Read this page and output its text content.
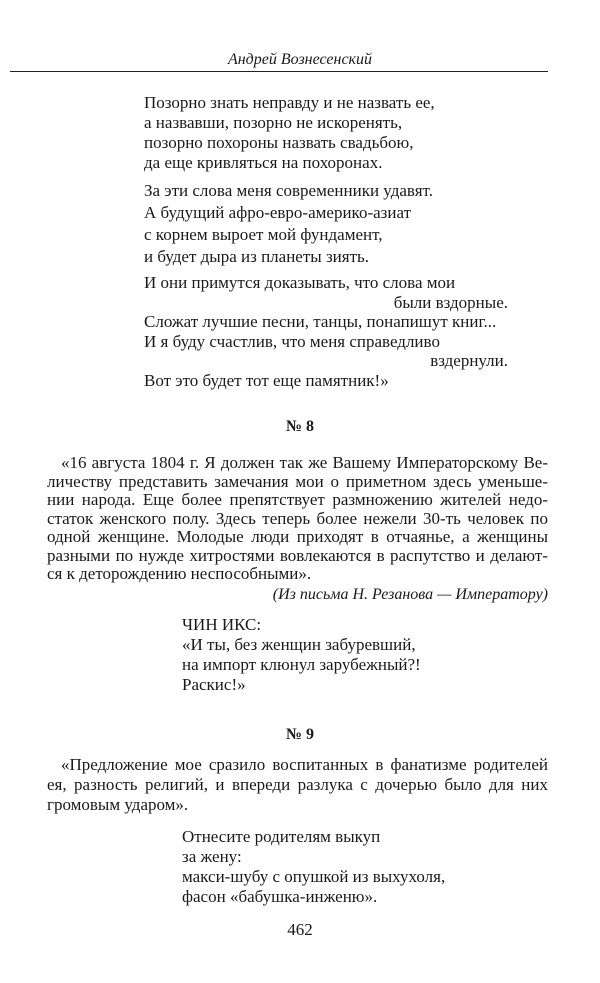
Андрей Вознесенский
Позорно знать неправду и не назвать ее,
а назвавши, позорно не искоренять,
позорно похороны назвать свадьбою,
да еще кривляться на похоронах.
За эти слова меня современники удавят.
А будущий афро-евро-америко-азиат
с корнем выроет мой фундамент,
и будет дыра из планеты зиять.
И они примутся доказывать, что слова мои
были вздорные.
Сложат лучшие песни, танцы, понапишут книг...
И я буду счастлив, что меня справедливо
вздернули.
Вот это будет тот еще памятник!»
№ 8
«16 августа 1804 г. Я должен так же Вашему Императорскому Ве-
личеству представить замечания мои о приметном здесь уменьше-
нии народа. Еще более препятствует размножению жителей недо-
статок женского полу. Здесь теперь более нежели 30-ть человек по
одной женщине. Молодые люди приходят в отчаянье, а женщины
разными по нужде хитростями вовлекаются в распутство и делают-
ся к деторождению неспособными».
(Из письма Н. Резанова — Императору)
ЧИН ИКС:
«И ты, без женщин забуревший,
на импорт клюнул зарубежный?!
Раскис!»
№ 9
«Предложение мое сразило воспитанных в фанатизме родителей
ея, разность религий, и впереди разлука с дочерью было для них
громовым ударом».
Отнесите родителям выкуп
за жену:
макси-шубу с опушкой из выхухоля,
фасон «бабушка-инженю».
462
